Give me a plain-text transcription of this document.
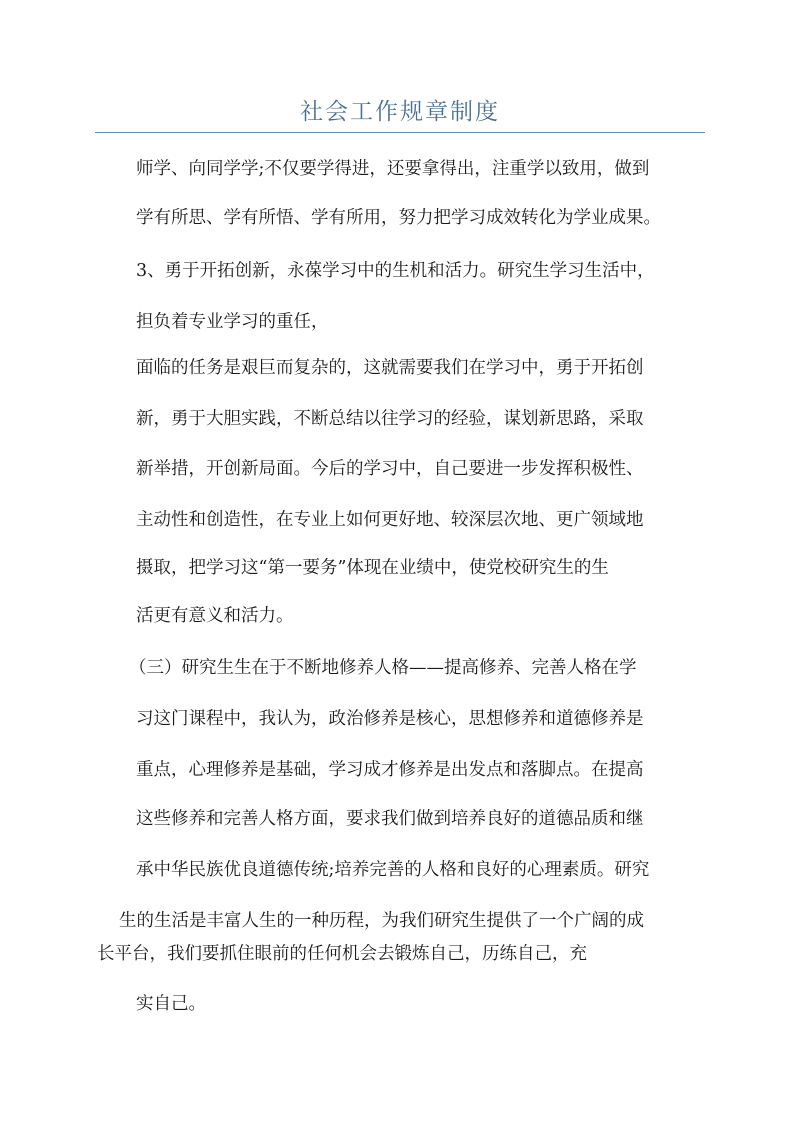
社会工作规章制度
师学、向同学学;不仅要学得进，还要拿得出，注重学以致用，做到
学有所思、学有所悟、学有所用，努力把学习成效转化为学业成果。
3、勇于开拓创新，永葆学习中的生机和活力。研究生学习生活中，
担负着专业学习的重任，
面临的任务是艰巨而复杂的，这就需要我们在学习中，勇于开拓创
新，勇于大胆实践，不断总结以往学习的经验，谋划新思路，采取
新举措，开创新局面。今后的学习中，自己要进一步发挥积极性、
主动性和创造性，在专业上如何更好地、较深层次地、更广领域地
摄取，把学习这“第一要务”体现在业绩中，使党校研究生的生
活更有意义和活力。
（三）研究生生在于不断地修养人格——提高修养、完善人格在学
习这门课程中，我认为，政治修养是核心，思想修养和道德修养是
重点，心理修养是基础，学习成才修养是出发点和落脚点。在提高
这些修养和完善人格方面，要求我们做到培养良好的道德品质和继
承中华民族优良道德传统;培养完善的人格和良好的心理素质。研究
生的生活是丰富人生的一种历程，为我们研究生提供了一个广阔的成
长平台，我们要抓住眼前的任何机会去锻炼自己，历练自己，充
实自己。
